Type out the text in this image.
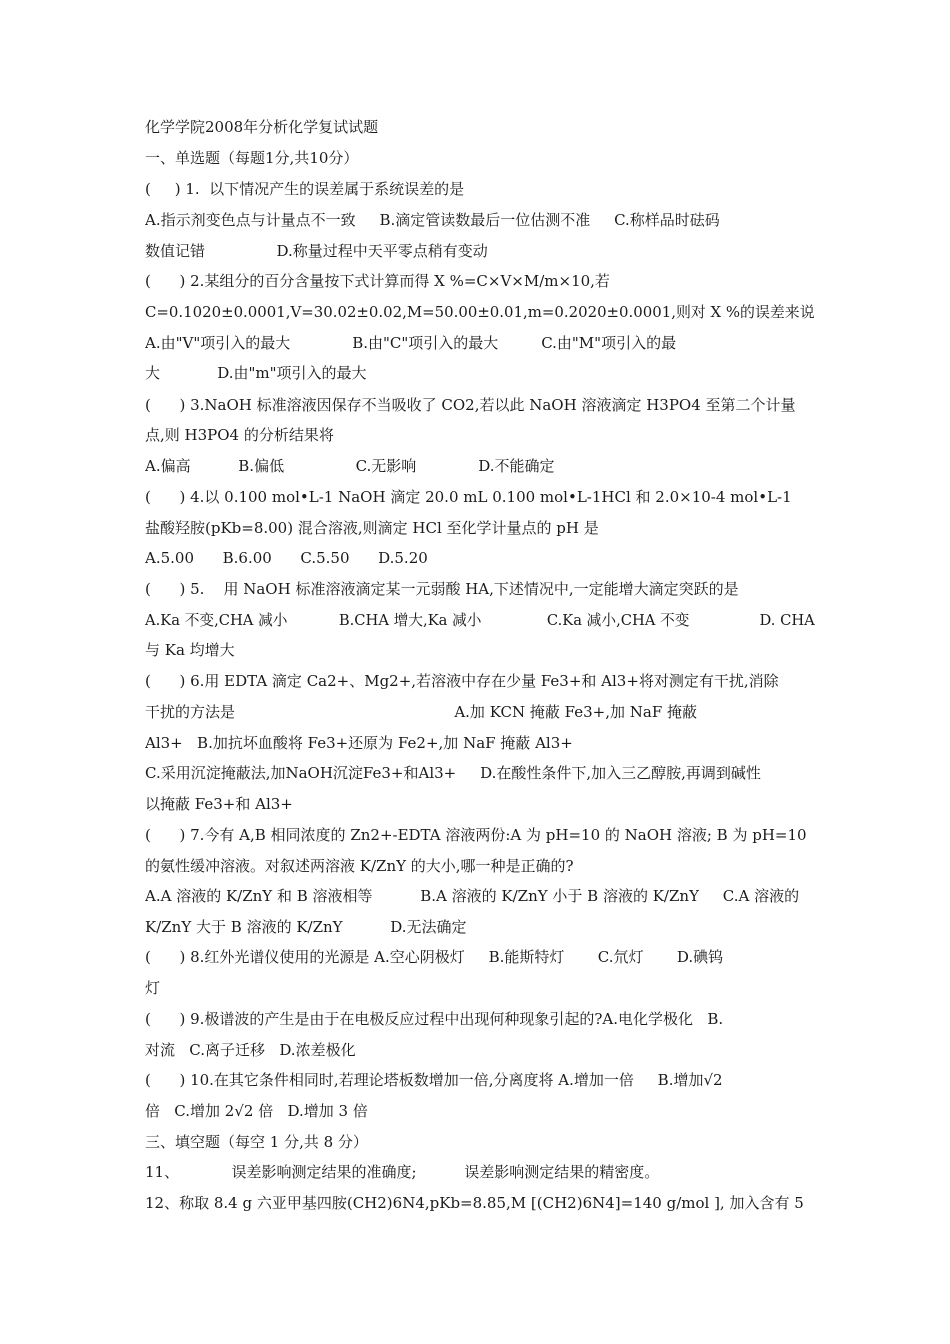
化学学院2008年分析化学复试试题
一、单选题（每题1分,共10分）
(     ) 1.  以下情况产生的误差属于系统误差的是
A.指示剂变色点与计量点不一致     B.滴定管读数最后一位估测不准     C.称样品时砝码
数值记错               D.称量过程中天平零点稍有变动
(      ) 2.某组分的百分含量按下式计算而得 X %=C×V×M/m×10,若
C=0.1020±0.0001,V=30.02±0.02,M=50.00±0.01,m=0.2020±0.0001,则对 X %的误差来说
A.由"V"项引入的最大             B.由"C"项引入的最大         C.由"M"项引入的最
大            D.由"m"项引入的最大
(      ) 3.NaOH 标准溶液因保存不当吸收了 CO2,若以此 NaOH 溶液滴定 H3PO4 至第二个计量
点,则 H3PO4 的分析结果将
A.偏高          B.偏低               C.无影响             D.不能确定
(      ) 4.以 0.100 mol•L-1 NaOH 滴定 20.0 mL 0.100 mol•L-1HCl 和 2.0×10-4 mol•L-1
盐酸羟胺(pKb=8.00) 混合溶液,则滴定 HCl 至化学计量点的 pH 是
A.5.00      B.6.00      C.5.50      D.5.20
(      ) 5.    用 NaOH 标准溶液滴定某一元弱酸 HA,下述情况中,一定能增大滴定突跃的是
A.Ka 不变,CHA 减小           B.CHA 增大,Ka 减小              C.Ka 减小,CHA 不变               D. CHA
与 Ka 均增大
(      ) 6.用 EDTA 滴定 Ca2+、Mg2+,若溶液中存在少量 Fe3+和 Al3+将对测定有干扰,消除
干扰的方法是                                              A.加 KCN 掩蔽 Fe3+,加 NaF 掩蔽
Al3+   B.加抗坏血酸将 Fe3+还原为 Fe2+,加 NaF 掩蔽 Al3+
C.采用沉淀掩蔽法,加NaOH沉淀Fe3+和Al3+     D.在酸性条件下,加入三乙醇胺,再调到碱性
以掩蔽 Fe3+和 Al3+
(      ) 7.今有 A,B 相同浓度的 Zn2+-EDTA 溶液两份:A 为 pH=10 的 NaOH 溶液; B 为 pH=10
的氨性缓冲溶液。对叙述两溶液 K/ZnY 的大小,哪一种是正确的?
A.A 溶液的 K/ZnY 和 B 溶液相等          B.A 溶液的 K/ZnY 小于 B 溶液的 K/ZnY     C.A 溶液的
K/ZnY 大于 B 溶液的 K/ZnY          D.无法确定
(      ) 8.红外光谱仪使用的光源是 A.空心阴极灯     B.能斯特灯       C.氘灯       D.碘钨
灯
(      ) 9.极谱波的产生是由于在电极反应过程中出现何种现象引起的?A.电化学极化   B.
对流   C.离子迁移   D.浓差极化
(      ) 10.在其它条件相同时,若理论塔板数增加一倍,分离度将 A.增加一倍     B.增加√2
倍   C.增加 2√2 倍   D.增加 3 倍
三、填空题（每空 1 分,共 8 分）
11、           误差影响测定结果的准确度;          误差影响测定结果的精密度。
12、称取 8.4 g 六亚甲基四胺(CH2)6N4,pKb=8.85,M [(CH2)6N4]=140 g/mol ], 加入含有 5
